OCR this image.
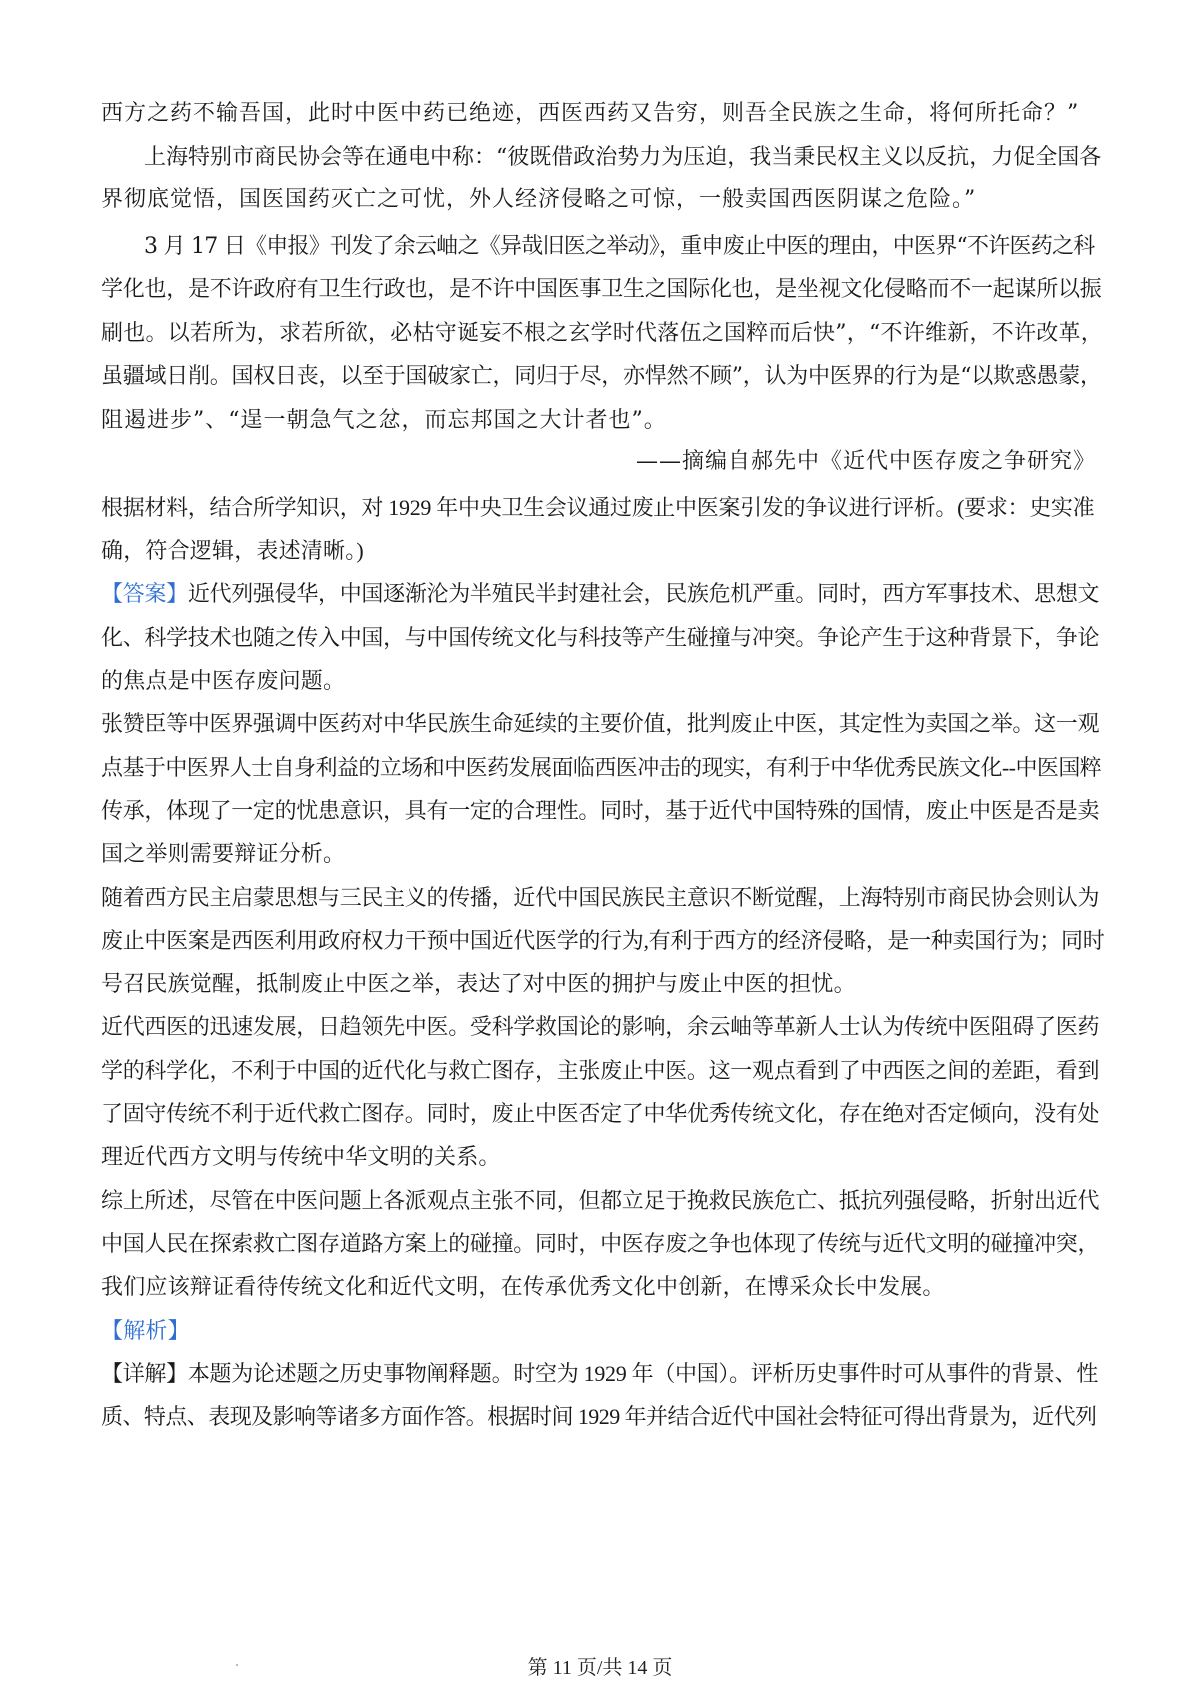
西方之药不输吾国，此时中医中药已绝迹，西医西药又告穷，则吾全民族之生命，将何所托命？”
上海特别市商民协会等在通电中称：“彼既借政治势力为压迫，我当秉民权主义以反抗，力促全国各
界彻底觉悟，国医国药灭亡之可忧，外人经济侵略之可惊，一般卖国西医阴谋之危险。”
3 月 17 日《申报》刊发了余云岫之《异哉旧医之举动》，重申废止中医的理由，中医界“不许医药之科
学化也，是不许政府有卫生行政也，是不许中国医事卫生之国际化也，是坐视文化侵略而不一起谋所以振
刷也。以若所为，求若所欲，必枯守诞妄不根之玄学时代落伍之国粹而后快”，“不许维新，不许改革，
虽疆域日削。国权日丧，以至于国破家亡，同归于尽，亦悍然不顾”，认为中医界的行为是“以欺惑愚蒙，
阻遏进步”、“逞一朝急气之忿，而忘邦国之大计者也”。
——摘编自郝先中《近代中医存废之争研究》
根据材料，结合所学知识，对 1929 年中央卫生会议通过废止中医案引发的争议进行评析。(要求：史实准
确，符合逻辑，表述清晰。)
【答案】近代列强侵华，中国逐渐沦为半殖民半封建社会，民族危机严重。同时，西方军事技术、思想文
化、科学技术也随之传入中国，与中国传统文化与科技等产生碰撞与冲突。争论产生于这种背景下，争论
的焦点是中医存废问题。
张赞臣等中医界强调中医药对中华民族生命延续的主要价值，批判废止中医，其定性为卖国之举。这一观
点基于中医界人士自身利益的立场和中医药发展面临西医冲击的现实，有利于中华优秀民族文化--中医国粹
传承，体现了一定的忧患意识，具有一定的合理性。同时，基于近代中国特殊的国情，废止中医是否是卖
国之举则需要辩证分析。
随着西方民主启蒙思想与三民主义的传播，近代中国民族民主意识不断觉醒，上海特别市商民协会则认为
废止中医案是西医利用政府权力干预中国近代医学的行为,有利于西方的经济侵略，是一种卖国行为；同时
号召民族觉醒，抵制废止中医之举，表达了对中医的拥护与废止中医的担忧。
近代西医的迅速发展，日趋领先中医。受科学救国论的影响，余云岫等革新人士认为传统中医阻碍了医药
学的科学化，不利于中国的近代化与救亡图存，主张废止中医。这一观点看到了中西医之间的差距，看到
了固守传统不利于近代救亡图存。同时，废止中医否定了中华优秀传统文化，存在绝对否定倾向，没有处
理近代西方文明与传统中华文明的关系。
综上所述，尽管在中医问题上各派观点主张不同，但都立足于挽救民族危亡、抵抗列强侵略，折射出近代
中国人民在探索救亡图存道路方案上的碰撞。同时，中医存废之争也体现了传统与近代文明的碰撞冲突，
我们应该辩证看待传统文化和近代文明，在传承优秀文化中创新，在博采众长中发展。
【解析】
【详解】本题为论述题之历史事物阐释题。时空为 1929 年（中国）。评析历史事件时可从事件的背景、性
质、特点、表现及影响等诸多方面作答。根据时间 1929 年并结合近代中国社会特征可得出背景为，近代列
第 11 页/共 14 页
